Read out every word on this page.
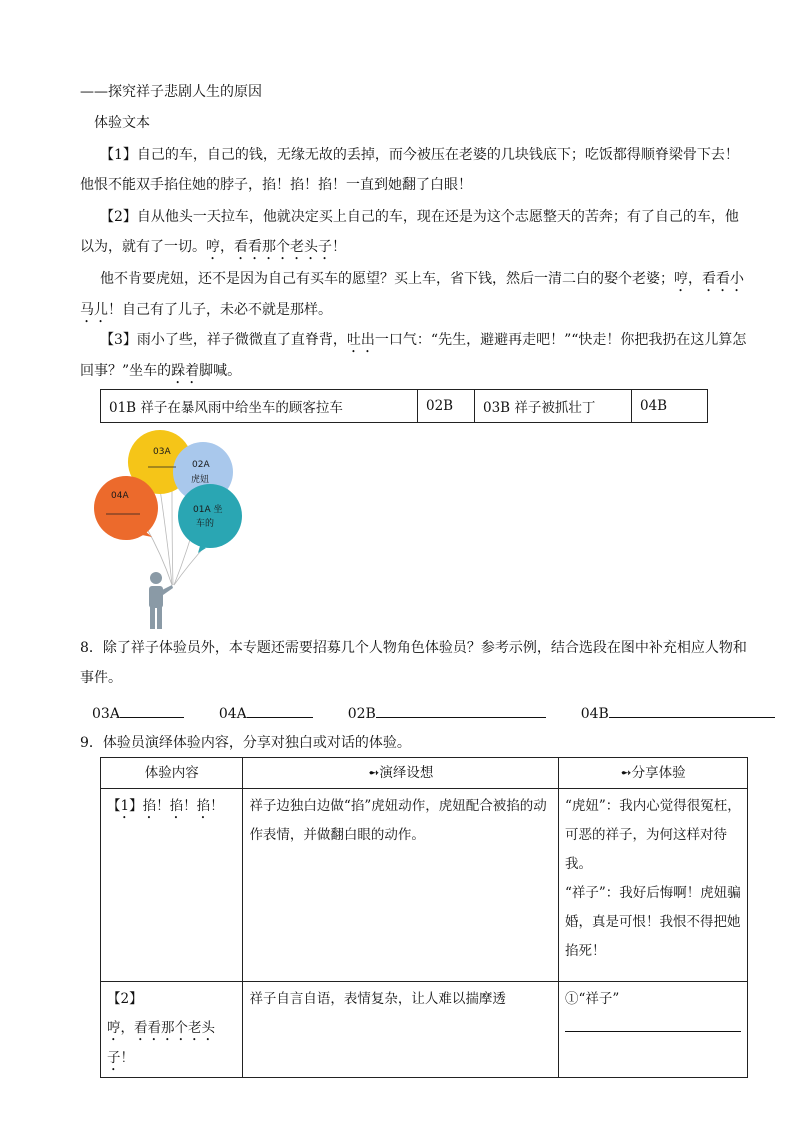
——探究祥子悲剧人生的原因
体验文本
【1】自己的车，自己的钱，无缘无故的丢掉，而今被压在老婆的几块钱底下；吃饭都得顺脊梁骨下去！他恨不能双手掐住她的脖子，掐！掐！掐！一直到她翻了白眼！
【2】自从他头一天拉车，他就决定买上自己的车，现在还是为这个志愿整天的苦奔；有了自己的车，他以为，就有了一切。哼，看看那个老头子！
他不肯要虎妞，还不是因为自己有买车的愿望？买上车，省下钱，然后一清二白的娶个老婆；哼，看看小马儿！自己有了儿子，未必不就是那样。
【3】雨小了些，祥子微微直了直脊背，吐出一口气：“先生，避避再走吧！”“快走！你把我扔在这儿算怎回事？”坐车的跺着脚喊。
01B 祥子在暴风雨中给坐车的顾客拉车	02B	03B 祥子被抓壮丁	04B
03A
02A
虎妞
04A
01A 坐
车的
8．除了祥子体验员外，本专题还需要招募几个人物角色体验员？参考示例，结合选段在图中补充相应人物和事件。
03A	04A	02B	04B
9．体验员演绎体验内容，分享对独白或对话的体验。
体验内容	➻演绎设想	➻分享体验
【1】掐！掐！掐！	祥子边独白边做“掐”虎妞动作，虎妞配合被掐的动作表情，并做翻白眼的动作。	“虎妞”：我内心觉得很冤枉，可恶的祥子，为何这样对待我。
“祥子”：我好后悔啊！虎妞骗婚，真是可恨！我恨不得把她掐死！

【2】
哼，看看那个老头子！	祥子自言自语，表情复杂，让人难以揣摩透	①“祥子”
